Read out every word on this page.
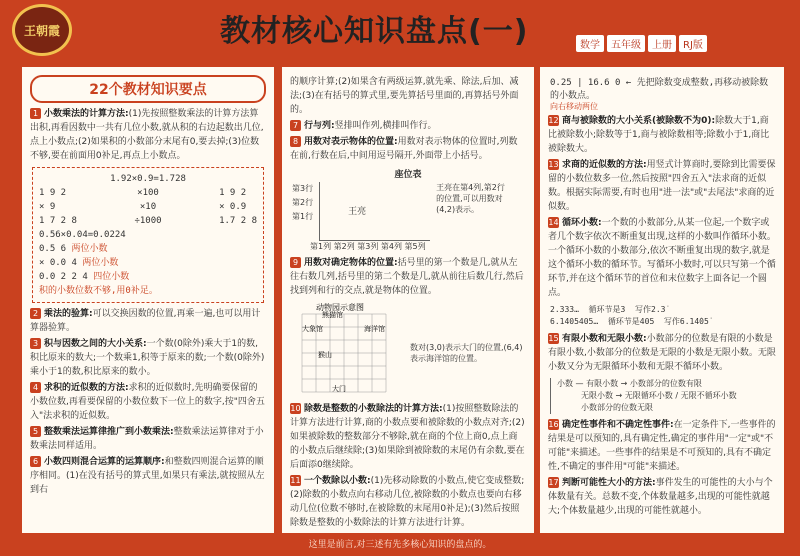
王朝霞	教材核心知识盘点(一)	数学	五年级	上册	RJ版
22个教材知识要点
1 小数乘法的计算方法:(1)先按照整数乘法的计算方法算出积,再看因数中一共有几位小数,就从积的右边起数出几位,点上小数点;(2)如果积的小数部分末尾有0,要去掉;(3)位数不够,要在前面用0补足,再点上小数点。
1.92×0.9=1.728
1 9 2
× 9
1 7 2 8
×100
×10
÷1000
1 9 2
× 0.9
1.7 2 8
0.56×0.04=0.0224
0.5 6 两位小数
× 0.0 4 两位小数
0.0 2 2 4 四位小数
积的小数位数不够,用0补足。
2 乘法的验算:可以交换因数的位置,再乘一遍,也可以用计算器验算。
3 积与因数之间的大小关系:一个数(0除外)乘大于1的数,积比原来的数大;一个数乘1,积等于原来的数;一个数(0除外)乘小于1的数,积比原来的数小。
4 求积的近似数的方法:求积的近似数时,先明确要保留的小数位数,再看要保留的小数位数下一位上的数字,按"四舍五入"法求积的近似数。
5 整数乘法运算律推广到小数乘法:整数乘法运算律对于小数乘法同样适用。
6 小数四则混合运算的运算顺序:和整数四则混合运算的顺序相同。(1)在没有括号的算式里,如果只有乘法,就按照从左到右
的顺序计算;(2)如果含有两级运算,就先乘、除法,后加、减法;(3)在有括号的算式里,要先算括号里面的,再算括号外面的。
7 行与列:竖排叫作列,横排叫作行。
8 用数对表示物体的位置:用数对表示物体的位置时,列数在前,行数在后,中间用逗号隔开,外面带上小括号。
座位表
第3行
第2行
第1行	王亮
王亮在第4列,第2行的位置,可以用数对(4,2)表示。
第1列 第2列 第3列 第4列 第5列
9 用数对确定物体的位置:括号里的第一个数是几,就从左往右数几列,括号里的第二个数是几,就从前往后数几行,然后找到列和行的交点,就是物体的位置。
动物园示意图
熊猫馆
大象馆	海洋馆
猴山
大门
数对(3,0)表示大门的位置,(6,4)表示海洋馆的位置。
10 除数是整数的小数除法的计算方法:(1)按照整数除法的计算方法进行计算,商的小数点要和被除数的小数点对齐;(2)如果被除数的整数部分不够除,就在商的个位上商0,点上商的小数点后继续除;(3)如果除到被除数的末尾仍有余数,要在后面添0继续除。
11 一个数除以小数:(1)先移动除数的小数点,使它变成整数;(2)除数的小数点向右移动几位,被除数的小数点也要向右移动几位(位数不够时,在被除数的末尾用0补足);(3)然后按照除数是整数的小数除法的计算方法进行计算。
0.25 | 16.6 0 ← 先把除数变成整数,再移动被除数的小数点。
向右移动两位
12 商与被除数的大小关系(被除数不为0):除数大于1,商比被除数小;除数等于1,商与被除数相等;除数小于1,商比被除数大。
13 求商的近似数的方法:用竖式计算商时,要除到比需要保留的小数位数多一位,然后按照"四舍五入"法求商的近似数。根据实际需要,有时也用"进一法"或"去尾法"求商的近似数。
14 循环小数:一个数的小数部分,从某一位起,一个数字或者几个数字依次不断重复出现,这样的小数叫作循环小数。一个循环小数的小数部分,依次不断重复出现的数字,就是这个循环小数的循环节。写循环小数时,可以只写第一个循环节,并在这个循环节的首位和末位数字上面各记一个圆点。
2.333… 循环节是3 写作2.3̇
6.1405405… 循环节是405 写作6.14̇05̇
15 有限小数和无限小数:小数部分的位数是有限的小数是有限小数,小数部分的位数是无限的小数是无限小数。无限小数又分为无限循环小数和无限不循环小数。
小数 — 有限小数 → 小数部分的位数有限
无限小数 → 无限循环小数 / 无限不循环小数
小数部分的位数无限
16 确定性事件和不确定性事件:在一定条件下,一些事件的结果是可以预知的,具有确定性,确定的事件用"一定"或"不可能"来描述。一些事件的结果是不可预知的,具有不确定性,不确定的事件用"可能"来描述。
17 判断可能性大小的方法:事件发生的可能性的大小与个体数量有关。总数不变,个体数量越多,出现的可能性就越大;个体数量越少,出现的可能性就越小。
这里是前言,对三述有先多核心知识的盘点的。
